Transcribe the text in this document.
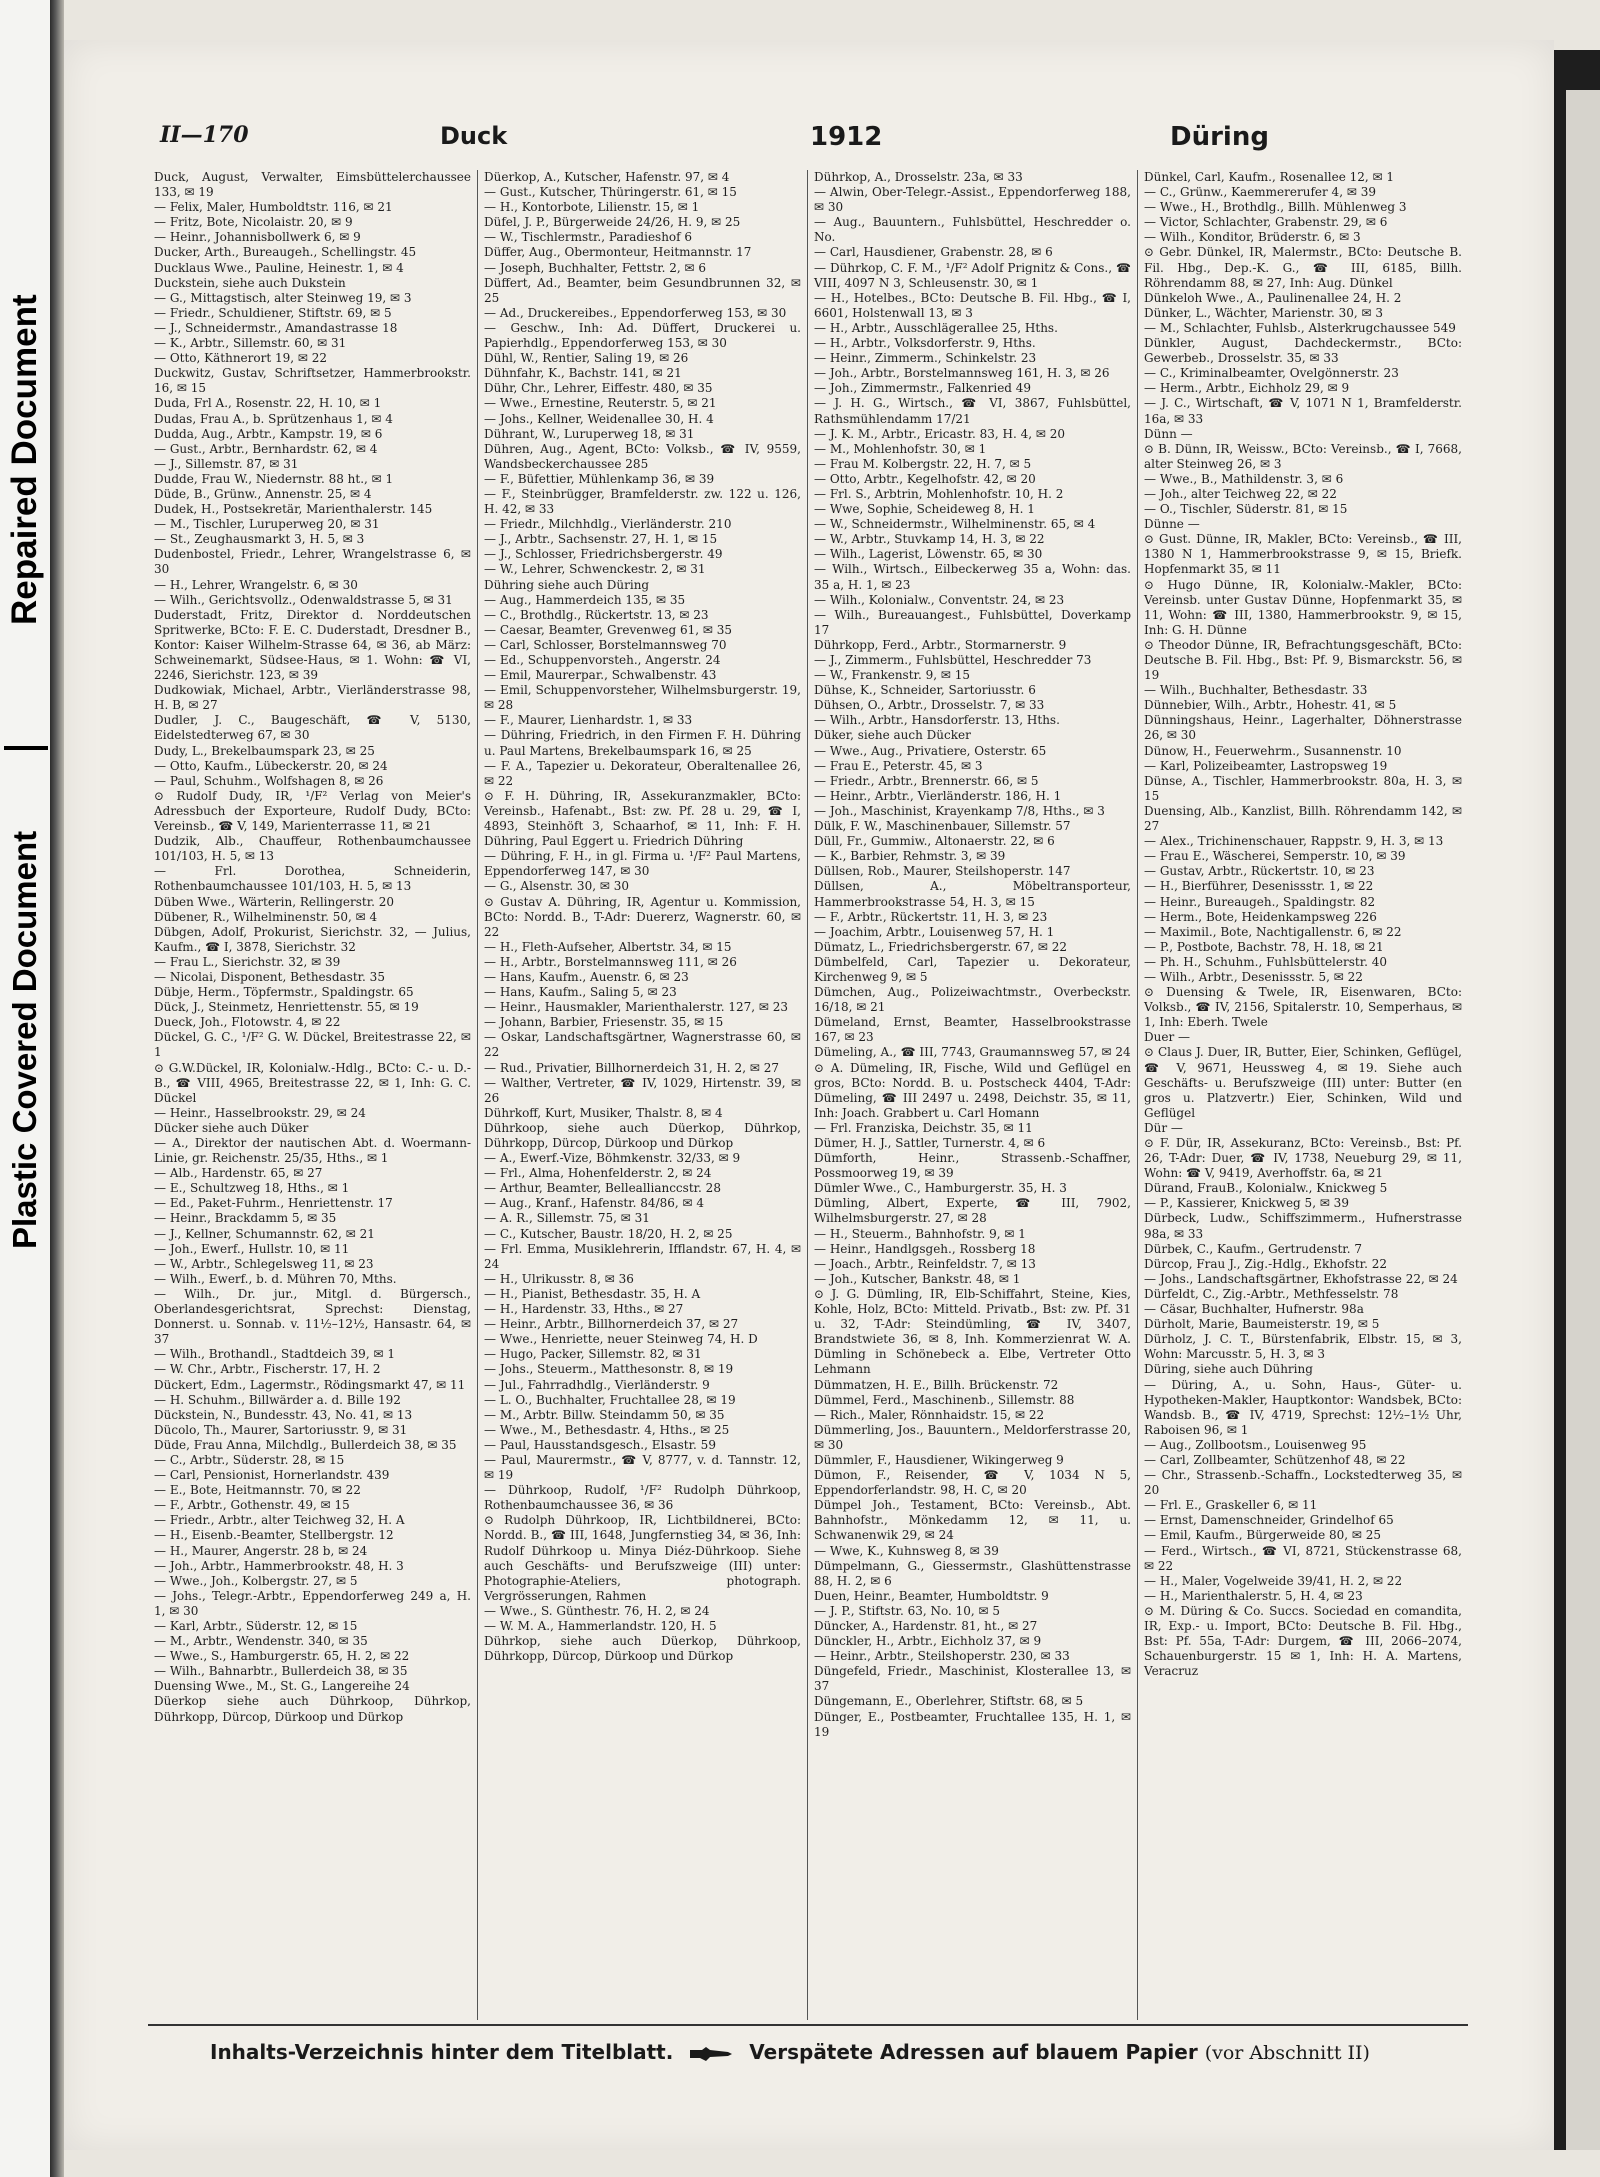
Repaired Document
Plastic Covered Document
II—170	Duck	1912	Düring
Duck, August, Verwalter, Eimsbüttelerchaussee 133, ✉ 19
— Felix, Maler, Humboldtstr. 116, ✉ 21
— Fritz, Bote, Nicolaistr. 20, ✉ 9
— Heinr., Johannisbollwerk 6, ✉ 9
Ducker, Arth., Bureaugeh., Schellingstr. 45
Ducklaus Wwe., Pauline, Heinestr. 1, ✉ 4
Duckstein, siehe auch Dukstein
— G., Mittagstisch, alter Steinweg 19, ✉ 3
— Friedr., Schuldiener, Stiftstr. 69, ✉ 5
— J., Schneidermstr., Amandastrasse 18
— K., Arbtr., Sillemstr. 60, ✉ 31
— Otto, Käthnerort 19, ✉ 22
Duckwitz, Gustav, Schriftsetzer, Hammerbrookstr. 16, ✉ 15
Duda, Frl A., Rosenstr. 22, H. 10, ✉ 1
Dudas, Frau A., b. Sprützenhaus 1, ✉ 4
Dudda, Aug., Arbtr., Kampstr. 19, ✉ 6
— Gust., Arbtr., Bernhardstr. 62, ✉ 4
— J., Sillemstr. 87, ✉ 31
Dudde, Frau W., Niedernstr. 88 ht., ✉ 1
Düde, B., Grünw., Annenstr. 25, ✉ 4
Dudek, H., Postsekretär, Marienthalerstr. 145
— M., Tischler, Luruperweg 20, ✉ 31
— St., Zeughausmarkt 3, H. 5, ✉ 3
Dudenbostel, Friedr., Lehrer, Wrangelstrasse 6, ✉ 30
— H., Lehrer, Wrangelstr. 6, ✉ 30
— Wilh., Gerichtsvollz., Odenwaldstrasse 5, ✉ 31
Duderstadt, Fritz, Direktor d. Norddeutschen Spritwerke, BCto: F. E. C. Duderstadt, Dresdner B., Kontor: Kaiser Wilhelm-Strasse 64, ✉ 36, ab März: Schweinemarkt, Südsee-Haus, ✉ 1. Wohn: ☎ VI, 2246, Sierichstr. 123, ✉ 39
Dudkowiak, Michael, Arbtr., Vierländerstrasse 98, H. B, ✉ 27
Dudler, J. C., Baugeschäft, ☎ V, 5130, Eidelstedterweg 67, ✉ 30
Dudy, L., Brekelbaumspark 23, ✉ 25
— Otto, Kaufm., Lübeckerstr. 20, ✉ 24
— Paul, Schuhm., Wolfshagen 8, ✉ 26
⊙ Rudolf Dudy, IR, ¹/F² Verlag von Meier's Adressbuch der Exporteure, Rudolf Dudy, BCto: Vereinsb., ☎ V, 149, Marienterrasse 11, ✉ 21
Dudzik, Alb., Chauffeur, Rothenbaumchaussee 101/103, H. 5, ✉ 13
— Frl. Dorothea, Schneiderin, Rothenbaumchaussee 101/103, H. 5, ✉ 13
Düben Wwe., Wärterin, Rellingerstr. 20
Dübener, R., Wilhelminenstr. 50, ✉ 4
Dübgen, Adolf, Prokurist, Sierichstr. 32, — Julius, Kaufm., ☎ I, 3878, Sierichstr. 32
— Frau L., Sierichstr. 32, ✉ 39
— Nicolai, Disponent, Bethesdastr. 35
Dübje, Herm., Töpfermstr., Spaldingstr. 65
Dück, J., Steinmetz, Henriettenstr. 55, ✉ 19
Dueck, Joh., Flotowstr. 4, ✉ 22
Dückel, G. C., ¹/F² G. W. Dückel, Breitestrasse 22, ✉ 1
⊙ G.W.Dückel, IR, Kolonialw.-Hdlg., BCto: C.- u. D.-B., ☎ VIII, 4965, Breitestrasse 22, ✉ 1, Inh: G. C. Dückel
— Heinr., Hasselbrookstr. 29, ✉ 24
Dücker siehe auch Düker
— A., Direktor der nautischen Abt. d. Woermann-Linie, gr. Reichenstr. 25/35, Hths., ✉ 1
— Alb., Hardenstr. 65, ✉ 27
— E., Schultzweg 18, Hths., ✉ 1
— Ed., Paket-Fuhrm., Henriettenstr. 17
— Heinr., Brackdamm 5, ✉ 35
— J., Kellner, Schumannstr. 62, ✉ 21
— Joh., Ewerf., Hullstr. 10, ✉ 11
— W., Arbtr., Schlegelsweg 11, ✉ 23
— Wilh., Ewerf., b. d. Mühren 70, Mths.
— Wilh., Dr. jur., Mitgl. d. Bürgersch., Oberlandesgerichtsrat, Sprechst: Dienstag, Donnerst. u. Sonnab. v. 11½–12½, Hansastr. 64, ✉ 37
— Wilh., Brothandl., Stadtdeich 39, ✉ 1
— W. Chr., Arbtr., Fischerstr. 17, H. 2
Dückert, Edm., Lagermstr., Rödingsmarkt 47, ✉ 11
— H. Schuhm., Billwärder a. d. Bille 192
Dückstein, N., Bundesstr. 43, No. 41, ✉ 13
Dücolo, Th., Maurer, Sartoriusstr. 9, ✉ 31
Düde, Frau Anna, Milchdlg., Bullerdeich 38, ✉ 35
— C., Arbtr., Süderstr. 28, ✉ 15
— Carl, Pensionist, Hornerlandstr. 439
— E., Bote, Heitmannstr. 70, ✉ 22
— F., Arbtr., Gothenstr. 49, ✉ 15
— Friedr., Arbtr., alter Teichweg 32, H. A
— H., Eisenb.-Beamter, Stellbergstr. 12
— H., Maurer, Angerstr. 28 b, ✉ 24
— Joh., Arbtr., Hammerbrookstr. 48, H. 3
— Wwe., Joh., Kolbergstr. 27, ✉ 5
— Johs., Telegr.-Arbtr., Eppendorferweg 249 a, H. 1, ✉ 30
— Karl, Arbtr., Süderstr. 12, ✉ 15
— M., Arbtr., Wendenstr. 340, ✉ 35
— Wwe., S., Hamburgerstr. 65, H. 2, ✉ 22
— Wilh., Bahnarbtr., Bullerdeich 38, ✉ 35
Duensing Wwe., M., St. G., Langereihe 24
Düerkop siehe auch Dührkoop, Dührkop, Dührkopp, Dürcop, Dürkoop und Dürkop
Düerkop, A., Kutscher, Hafenstr. 97, ✉ 4
— Gust., Kutscher, Thüringerstr. 61, ✉ 15
— H., Kontorbote, Lilienstr. 15, ✉ 1
Düfel, J. P., Bürgerweide 24/26, H. 9, ✉ 25
— W., Tischlermstr., Paradieshof 6
Düffer, Aug., Obermonteur, Heitmannstr. 17
— Joseph, Buchhalter, Fettstr. 2, ✉ 6
Düffert, Ad., Beamter, beim Gesundbrunnen 32, ✉ 25
— Ad., Druckereibes., Eppendorferweg 153, ✉ 30
— Geschw., Inh: Ad. Düffert, Druckerei u. Papierhdlg., Eppendorferweg 153, ✉ 30
Dühl, W., Rentier, Saling 19, ✉ 26
Dühnfahr, K., Bachstr. 141, ✉ 21
Dühr, Chr., Lehrer, Eiffestr. 480, ✉ 35
— Wwe., Ernestine, Reuterstr. 5, ✉ 21
— Johs., Kellner, Weidenallee 30, H. 4
Dührant, W., Luruperweg 18, ✉ 31
Dühren, Aug., Agent, BCto: Volksb., ☎ IV, 9559, Wandsbeckerchaussee 285
— F., Büfettier, Mühlenkamp 36, ✉ 39
— F., Steinbrügger, Bramfelderstr. zw. 122 u. 126, H. 42, ✉ 33
— Friedr., Milchhdlg., Vierländerstr. 210
— J., Arbtr., Sachsenstr. 27, H. 1, ✉ 15
— J., Schlosser, Friedrichsbergerstr. 49
— W., Lehrer, Schwenckestr. 2, ✉ 31
Dühring siehe auch Düring
— Aug., Hammerdeich 135, ✉ 35
— C., Brothdlg., Rückertstr. 13, ✉ 23
— Caesar, Beamter, Grevenweg 61, ✉ 35
— Carl, Schlosser, Borstelmannsweg 70
— Ed., Schuppenvorsteh., Angerstr. 24
— Emil, Maurerpar., Schwalbenstr. 43
— Emil, Schuppenvorsteher, Wilhelmsburgerstr. 19, ✉ 28
— F., Maurer, Lienhardstr. 1, ✉ 33
— Dühring, Friedrich, in den Firmen F. H. Dühring u. Paul Martens, Brekelbaumspark 16, ✉ 25
— F. A., Tapezier u. Dekorateur, Oberaltenallee 26, ✉ 22
⊙ F. H. Dühring, IR, Assekuranzmakler, BCto: Vereinsb., Hafenabt., Bst: zw. Pf. 28 u. 29, ☎ I, 4893, Steinhöft 3, Schaarhof, ✉ 11, Inh: F. H. Dühring, Paul Eggert u. Friedrich Dühring
— Dühring, F. H., in gl. Firma u. ¹/F² Paul Martens, Eppendorferweg 147, ✉ 30
— G., Alsenstr. 30, ✉ 30
⊙ Gustav A. Dühring, IR, Agentur u. Kommission, BCto: Nordd. B., T-Adr: Duererz, Wagnerstr. 60, ✉ 22
— H., Fleth-Aufseher, Albertstr. 34, ✉ 15
— H., Arbtr., Borstelmannsweg 111, ✉ 26
— Hans, Kaufm., Auenstr. 6, ✉ 23
— Hans, Kaufm., Saling 5, ✉ 23
— Heinr., Hausmakler, Marienthalerstr. 127, ✉ 23
— Johann, Barbier, Friesenstr. 35, ✉ 15
— Oskar, Landschaftsgärtner, Wagnerstrasse 60, ✉ 22
— Rud., Privatier, Billhornerdeich 31, H. 2, ✉ 27
— Walther, Vertreter, ☎ IV, 1029, Hirtenstr. 39, ✉ 26
Dührkoff, Kurt, Musiker, Thalstr. 8, ✉ 4
Dührkoop, siehe auch Düerkop, Dührkop, Dührkopp, Dürcop, Dürkoop und Dürkop
— A., Ewerf.-Vize, Böhmkenstr. 32/33, ✉ 9
— Frl., Alma, Hohenfelderstr. 2, ✉ 24
— Arthur, Beamter, Belleallianccstr. 28
— Aug., Kranf., Hafenstr. 84/86, ✉ 4
— A. R., Sillemstr. 75, ✉ 31
— C., Kutscher, Baustr. 18/20, H. 2, ✉ 25
— Frl. Emma, Musiklehrerin, Ifflandstr. 67, H. 4, ✉ 24
— H., Ulrikusstr. 8, ✉ 36
— H., Pianist, Bethesdastr. 35, H. A
— H., Hardenstr. 33, Hths., ✉ 27
— Heinr., Arbtr., Billhornerdeich 37, ✉ 27
— Wwe., Henriette, neuer Steinweg 74, H. D
— Hugo, Packer, Sillemstr. 82, ✉ 31
— Johs., Steuerm., Matthesonstr. 8, ✉ 19
— Jul., Fahrradhdlg., Vierländerstr. 9
— L. O., Buchhalter, Fruchtallee 28, ✉ 19
— M., Arbtr. Billw. Steindamm 50, ✉ 35
— Wwe., M., Bethesdastr. 4, Hths., ✉ 25
— Paul, Hausstandsgesch., Elsastr. 59
— Paul, Maurermstr., ☎ V, 8777, v. d. Tannstr. 12, ✉ 19
— Dührkoop, Rudolf, ¹/F² Rudolph Dührkoop, Rothenbaumchaussee 36, ✉ 36
⊙ Rudolph Dührkoop, IR, Lichtbildnerei, BCto: Nordd. B., ☎ III, 1648, Jungfernstieg 34, ✉ 36, Inh: Rudolf Dührkoop u. Minya Diéz-Dührkoop. Siehe auch Geschäfts- und Berufszweige (III) unter: Photographie-Ateliers, photograph. Vergrösserungen, Rahmen
— Wwe., S. Günthestr. 76, H. 2, ✉ 24
— W. M. A., Hammerlandstr. 120, H. 5
Dührkop, siehe auch Düerkop, Dührkoop, Dührkopp, Dürcop, Dürkoop und Dürkop
Dührkop, A., Drosselstr. 23a, ✉ 33
— Alwin, Ober-Telegr.-Assist., Eppendorferweg 188, ✉ 30
— Aug., Bauuntern., Fuhlsbüttel, Heschredder o. No.
— Carl, Hausdiener, Grabenstr. 28, ✉ 6
— Dührkop, C. F. M., ¹/F² Adolf Prignitz & Cons., ☎ VIII, 4097 N 3, Schleusenstr. 30, ✉ 1
— H., Hotelbes., BCto: Deutsche B. Fil. Hbg., ☎ I, 6601, Holstenwall 13, ✉ 3
— H., Arbtr., Ausschlägerallee 25, Hths.
— H., Arbtr., Volksdorferstr. 9, Hths.
— Heinr., Zimmerm., Schinkelstr. 23
— Joh., Arbtr., Borstelmannsweg 161, H. 3, ✉ 26
— Joh., Zimmermstr., Falkenried 49
— J. H. G., Wirtsch., ☎ VI, 3867, Fuhlsbüttel, Rathsmühlendamm 17/21
— J. K. M., Arbtr., Ericastr. 83, H. 4, ✉ 20
— M., Mohlenhofstr. 30, ✉ 1
— Frau M. Kolbergstr. 22, H. 7, ✉ 5
— Otto, Arbtr., Kegelhofstr. 42, ✉ 20
— Frl. S., Arbtrin, Mohlenhofstr. 10, H. 2
— Wwe, Sophie, Scheideweg 8, H. 1
— W., Schneidermstr., Wilhelminenstr. 65, ✉ 4
— W., Arbtr., Stuvkamp 14, H. 3, ✉ 22
— Wilh., Lagerist, Löwenstr. 65, ✉ 30
— Wilh., Wirtsch., Eilbeckerweg 35 a, Wohn: das. 35 a, H. 1, ✉ 23
— Wilh., Kolonialw., Conventstr. 24, ✉ 23
— Wilh., Bureauangest., Fuhlsbüttel, Doverkamp 17
Dührkopp, Ferd., Arbtr., Stormarnerstr. 9
— J., Zimmerm., Fuhlsbüttel, Heschredder 73
— W., Frankenstr. 9, ✉ 15
Dühse, K., Schneider, Sartoriusstr. 6
Dühsen, O., Arbtr., Drosselstr. 7, ✉ 33
— Wilh., Arbtr., Hansdorferstr. 13, Hths.
Düker, siehe auch Dücker
— Wwe., Aug., Privatiere, Osterstr. 65
— Frau E., Peterstr. 45, ✉ 3
— Friedr., Arbtr., Brennerstr. 66, ✉ 5
— Heinr., Arbtr., Vierländerstr. 186, H. 1
— Joh., Maschinist, Krayenkamp 7/8, Hths., ✉ 3
Dülk, F. W., Maschinenbauer, Sillemstr. 57
Düll, Fr., Gummiw., Altonaerstr. 22, ✉ 6
— K., Barbier, Rehmstr. 3, ✉ 39
Düllsen, Rob., Maurer, Steilshoperstr. 147
Düllsen, A., Möbeltransporteur, Hammerbrookstrasse 54, H. 3, ✉ 15
— F., Arbtr., Rückertstr. 11, H. 3, ✉ 23
— Joachim, Arbtr., Louisenweg 57, H. 1
Dümatz, L., Friedrichsbergerstr. 67, ✉ 22
Dümbelfeld, Carl, Tapezier u. Dekorateur, Kirchenweg 9, ✉ 5
Dümchen, Aug., Polizeiwachtmstr., Overbeckstr. 16/18, ✉ 21
Dümeland, Ernst, Beamter, Hasselbrookstrasse 167, ✉ 23
Dümeling, A., ☎ III, 7743, Graumannsweg 57, ✉ 24
⊙ A. Dümeling, IR, Fische, Wild und Geflügel en gros, BCto: Nordd. B. u. Postscheck 4404, T-Adr: Dümeling, ☎ III 2497 u. 2498, Deichstr. 35, ✉ 11, Inh: Joach. Grabbert u. Carl Homann
— Frl. Franziska, Deichstr. 35, ✉ 11
Dümer, H. J., Sattler, Turnerstr. 4, ✉ 6
Dümforth, Heinr., Strassenb.-Schaffner, Possmoorweg 19, ✉ 39
Dümler Wwe., C., Hamburgerstr. 35, H. 3
Dümling, Albert, Experte, ☎ III, 7902, Wilhelmsburgerstr. 27, ✉ 28
— H., Steuerm., Bahnhofstr. 9, ✉ 1
— Heinr., Handlgsgeh., Rossberg 18
— Joach., Arbtr., Reinfeldstr. 7, ✉ 13
— Joh., Kutscher, Bankstr. 48, ✉ 1
⊙ J. G. Dümling, IR, Elb-Schiffahrt, Steine, Kies, Kohle, Holz, BCto: Mitteld. Privatb., Bst: zw. Pf. 31 u. 32, T-Adr: Steindümling, ☎ IV, 3407, Brandstwiete 36, ✉ 8, Inh. Kommerzienrat W. A. Dümling in Schönebeck a. Elbe, Vertreter Otto Lehmann
Dümmatzen, H. E., Billh. Brückenstr. 72
Dümmel, Ferd., Maschinenb., Sillemstr. 88
— Rich., Maler, Rönnhaidstr. 15, ✉ 22
Dümmerling, Jos., Bauuntern., Meldorferstrasse 20, ✉ 30
Dümmler, F., Hausdiener, Wikingerweg 9
Dümon, F., Reisender, ☎ V, 1034 N 5, Eppendorferlandstr. 98, H. C, ✉ 20
Dümpel Joh., Testament, BCto: Vereinsb., Abt. Bahnhofstr., Mönkedamm 12, ✉ 11, u. Schwanenwik 29, ✉ 24
— Wwe, K., Kuhnsweg 8, ✉ 39
Dümpelmann, G., Giessermstr., Glashüttenstrasse 88, H. 2, ✉ 6
Duen, Heinr., Beamter, Humboldtstr. 9
— J. P., Stiftstr. 63, No. 10, ✉ 5
Düncker, A., Hardenstr. 81, ht., ✉ 27
Dünckler, H., Arbtr., Eichholz 37, ✉ 9
— Heinr., Arbtr., Steilshoperstr. 230, ✉ 33
Düngefeld, Friedr., Maschinist, Klosterallee 13, ✉ 37
Düngemann, E., Oberlehrer, Stiftstr. 68, ✉ 5
Dünger, E., Postbeamter, Fruchtallee 135, H. 1, ✉ 19
Dünkel, Carl, Kaufm., Rosenallee 12, ✉ 1
— C., Grünw., Kaemmererufer 4, ✉ 39
— Wwe., H., Brothdlg., Billh. Mühlenweg 3
— Victor, Schlachter, Grabenstr. 29, ✉ 6
— Wilh., Konditor, Brüderstr. 6, ✉ 3
⊙ Gebr. Dünkel, IR, Malermstr., BCto: Deutsche B. Fil. Hbg., Dep.-K. G., ☎ III, 6185, Billh. Röhrendamm 88, ✉ 27, Inh: Aug. Dünkel
Dünkeloh Wwe., A., Paulinenallee 24, H. 2
Dünker, L., Wächter, Marienstr. 30, ✉ 3
— M., Schlachter, Fuhlsb., Alsterkrugchaussee 549
Dünkler, August, Dachdeckermstr., BCto: Gewerbeb., Drosselstr. 35, ✉ 33
— C., Kriminalbeamter, Ovelgönnerstr. 23
— Herm., Arbtr., Eichholz 29, ✉ 9
— J. C., Wirtschaft, ☎ V, 1071 N 1, Bramfelderstr. 16a, ✉ 33
Dünn —
⊙ B. Dünn, IR, Weissw., BCto: Vereinsb., ☎ I, 7668, alter Steinweg 26, ✉ 3
— Wwe., B., Mathildenstr. 3, ✉ 6
— Joh., alter Teichweg 22, ✉ 22
— O., Tischler, Süderstr. 81, ✉ 15
Dünne —
⊙ Gust. Dünne, IR, Makler, BCto: Vereinsb., ☎ III, 1380 N 1, Hammerbrookstrasse 9, ✉ 15, Briefk. Hopfenmarkt 35, ✉ 11
⊙ Hugo Dünne, IR, Kolonialw.-Makler, BCto: Vereinsb. unter Gustav Dünne, Hopfenmarkt 35, ✉ 11, Wohn: ☎ III, 1380, Hammerbrookstr. 9, ✉ 15, Inh: G. H. Dünne
⊙ Theodor Dünne, IR, Befrachtungsgeschäft, BCto: Deutsche B. Fil. Hbg., Bst: Pf. 9, Bismarckstr. 56, ✉ 19
— Wilh., Buchhalter, Bethesdastr. 33
Dünnebier, Wilh., Arbtr., Hohestr. 41, ✉ 5
Dünningshaus, Heinr., Lagerhalter, Döhnerstrasse 26, ✉ 30
Dünow, H., Feuerwehrm., Susannenstr. 10
— Karl, Polizeibeamter, Lastropsweg 19
Dünse, A., Tischler, Hammerbrookstr. 80a, H. 3, ✉ 15
Duensing, Alb., Kanzlist, Billh. Röhrendamm 142, ✉ 27
— Alex., Trichinenschauer, Rappstr. 9, H. 3, ✉ 13
— Frau E., Wäscherei, Semperstr. 10, ✉ 39
— Gustav, Arbtr., Rückertstr. 10, ✉ 23
— H., Bierführer, Desenissstr. 1, ✉ 22
— Heinr., Bureaugeh., Spaldingstr. 82
— Herm., Bote, Heidenkampsweg 226
— Maximil., Bote, Nachtigallenstr. 6, ✉ 22
— P., Postbote, Bachstr. 78, H. 18, ✉ 21
— Ph. H., Schuhm., Fuhlsbüttelerstr. 40
— Wilh., Arbtr., Desenissstr. 5, ✉ 22
⊙ Duensing & Twele, IR, Eisenwaren, BCto: Volksb., ☎ IV, 2156, Spitalerstr. 10, Semperhaus, ✉ 1, Inh: Eberh. Twele
Duer —
⊙ Claus J. Duer, IR, Butter, Eier, Schinken, Geflügel, ☎ V, 9671, Heussweg 4, ✉ 19. Siehe auch Geschäfts- u. Berufszweige (III) unter: Butter (en gros u. Platzvertr.) Eier, Schinken, Wild und Geflügel
Dür —
⊙ F. Dür, IR, Assekuranz, BCto: Vereinsb., Bst: Pf. 26, T-Adr: Duer, ☎ IV, 1738, Neueburg 29, ✉ 11, Wohn: ☎ V, 9419, Averhoffstr. 6a, ✉ 21
Dürand, FrauB., Kolonialw., Knickweg 5
— P., Kassierer, Knickweg 5, ✉ 39
Dürbeck, Ludw., Schiffszimmerm., Hufnerstrasse 98a, ✉ 33
Dürbek, C., Kaufm., Gertrudenstr. 7
Dürcop, Frau J., Zig.-Hdlg., Ekhofstr. 22
— Johs., Landschaftsgärtner, Ekhofstrasse 22, ✉ 24
Dürfeldt, C., Zig.-Arbtr., Methfesselstr. 78
— Cäsar, Buchhalter, Hufnerstr. 98a
Dürholt, Marie, Baumeisterstr. 19, ✉ 5
Dürholz, J. C. T., Bürstenfabrik, Elbstr. 15, ✉ 3, Wohn: Marcusstr. 5, H. 3, ✉ 3
Düring, siehe auch Dühring
— Düring, A., u. Sohn, Haus-, Güter- u. Hypotheken-Makler, Hauptkontor: Wandsbek, BCto: Wandsb. B., ☎ IV, 4719, Sprechst: 12½–1½ Uhr, Raboisen 96, ✉ 1
— Aug., Zollbootsm., Louisenweg 95
— Carl, Zollbeamter, Schützenhof 48, ✉ 22
— Chr., Strassenb.-Schaffn., Lockstedterweg 35, ✉ 20
— Frl. E., Graskeller 6, ✉ 11
— Ernst, Damenschneider, Grindelhof 65
— Emil, Kaufm., Bürgerweide 80, ✉ 25
— Ferd., Wirtsch., ☎ VI, 8721, Stückenstrasse 68, ✉ 22
— H., Maler, Vogelweide 39/41, H. 2, ✉ 22
— H., Marienthalerstr. 5, H. 4, ✉ 23
⊙ M. Düring & Co. Succs. Sociedad en comandita, IR, Exp.- u. Import, BCto: Deutsche B. Fil. Hbg., Bst: Pf. 55a, T-Adr: Durgem, ☎ III, 2066–2074, Schauenburgerstr. 15 ✉ 1, Inh: H. A. Martens, Veracruz
Inhalts-Verzeichnis hinter dem Titelblatt.	Verspätete Adressen auf blauem Papier (vor Abschnitt II)
